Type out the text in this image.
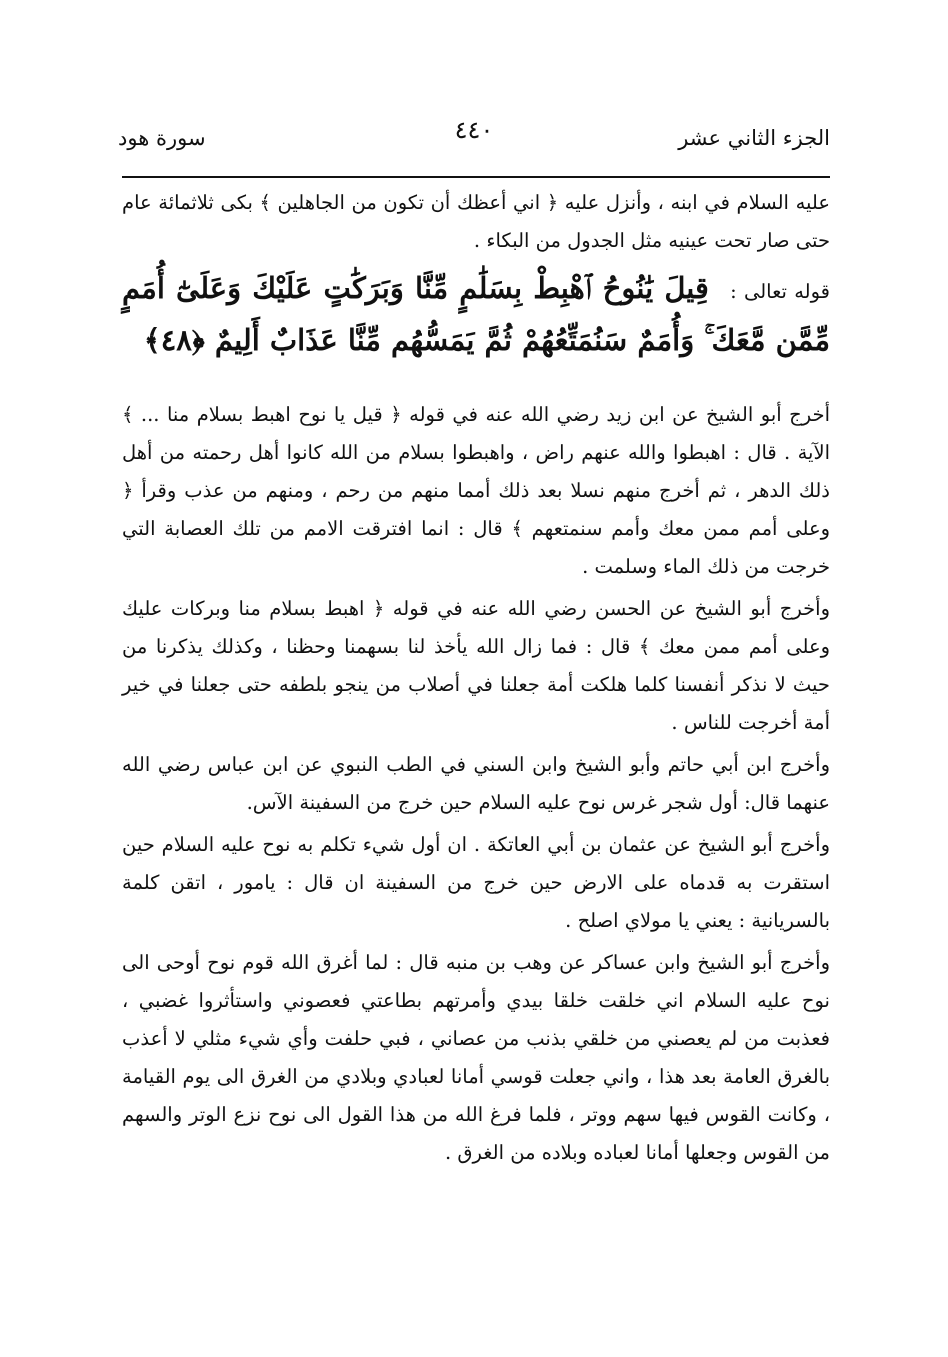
الجزء الثاني عشر
٤٤٠
سورة هود

عليه السلام في ابنه ، وأنزل عليه ﴿ اني أعظك أن تكون من الجاهلين ﴾ بكى ثلاثمائة عام حتى صار تحت عينيه مثل الجدول من البكاء .

قوله تعالى : قِيلَ يَٰنُوحُ ٱهْبِطْ بِسَلَٰمٍ مِّنَّا وَبَرَكَٰتٍ عَلَيْكَ وَعَلَىٰٓ أُمَمٍ مِّمَّن مَّعَكَ ۚ وَأُمَمٌ سَنُمَتِّعُهُمْ ثُمَّ يَمَسُّهُم مِّنَّا عَذَابٌ أَلِيمٌ ﴿٤٨﴾

أخرج أبو الشيخ عن ابن زيد رضي الله عنه في قوله ﴿ قيل يا نوح اهبط بسلام منا ... ﴾ الآية . قال : اهبطوا والله عنهم راض ، واهبطوا بسلام من الله كانوا أهل رحمته من أهل ذلك الدهر ، ثم أخرج منهم نسلا بعد ذلك أمما منهم من رحم ، ومنهم من عذب وقرأ ﴿ وعلى أمم ممن معك وأمم سنمتعهم ﴾ قال : انما افترقت الامم من تلك العصابة التي خرجت من ذلك الماء وسلمت .

وأخرج أبو الشيخ عن الحسن رضي الله عنه في قوله ﴿ اهبط بسلام منا وبركات عليك وعلى أمم ممن معك ﴾ قال : فما زال الله يأخذ لنا بسهمنا وحظنا ، وكذلك يذكرنا من حيث لا نذكر أنفسنا كلما هلكت أمة جعلنا في أصلاب من ينجو بلطفه حتى جعلنا في خير أمة أخرجت للناس .

وأخرج ابن أبي حاتم وأبو الشيخ وابن السني في الطب النبوي عن ابن عباس رضي الله عنهما قال: أول شجر غرس نوح عليه السلام حين خرج من السفينة الآس.

وأخرج أبو الشيخ عن عثمان بن أبي العاتكة . ان أول شيء تكلم به نوح عليه السلام حين استقرت به قدماه على الارض حين خرج من السفينة ان قال : يامور ، اتقن كلمة بالسريانية : يعني يا مولاي اصلح .

وأخرج أبو الشيخ وابن عساكر عن وهب بن منبه قال : لما أغرق الله قوم نوح أوحى الى نوح عليه السلام اني خلقت خلقا بيدي وأمرتهم بطاعتي فعصوني واستأثروا غضبي ، فعذبت من لم يعصني من خلقي بذنب من عصاني ، فبي حلفت وأي شيء مثلي لا أعذب بالغرق العامة بعد هذا ، واني جعلت قوسي أمانا لعبادي وبلادي من الغرق الى يوم القيامة ، وكانت القوس فيها سهم ووتر ، فلما فرغ الله من هذا القول الى نوح نزع الوتر والسهم من القوس وجعلها أمانا لعباده وبلاده من الغرق .
